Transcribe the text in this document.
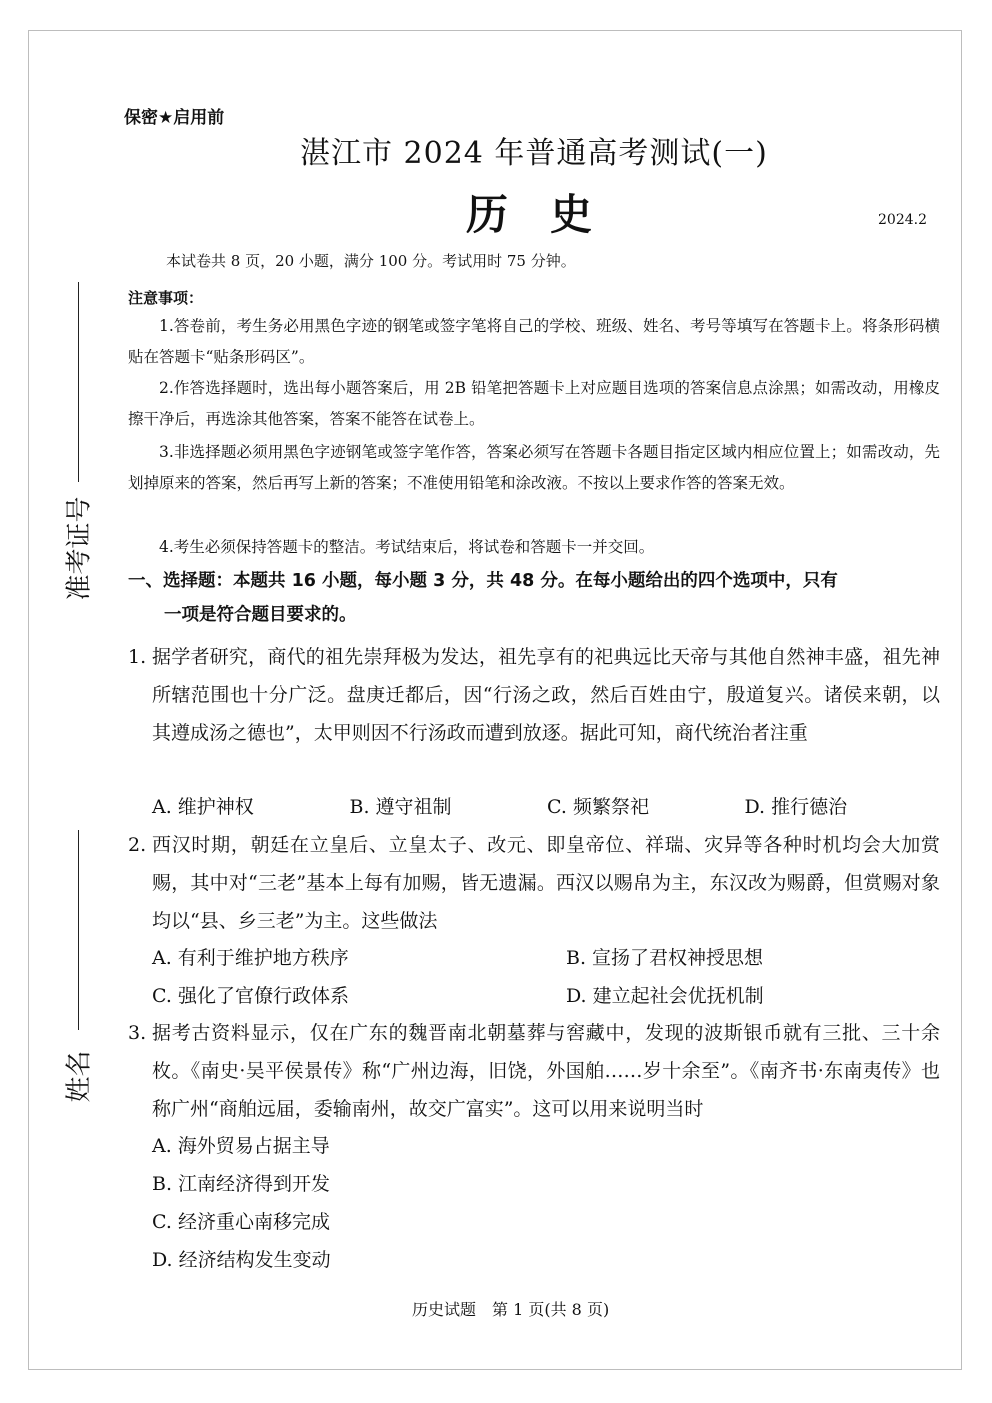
准考证号
姓名
保密★启用前
湛江市 2024 年普通高考测试(一)
历史	2024.2
本试卷共 8 页，20 小题，满分 100 分。考试用时 75 分钟。
注意事项：
1.答卷前，考生务必用黑色字迹的钢笔或签字笔将自己的学校、班级、姓名、考号等填写在答题卡上。将条形码横贴在答题卡“贴条形码区”。
2.作答选择题时，选出每小题答案后，用 2B 铅笔把答题卡上对应题目选项的答案信息点涂黑；如需改动，用橡皮擦干净后，再选涂其他答案，答案不能答在试卷上。
3.非选择题必须用黑色字迹钢笔或签字笔作答，答案必须写在答题卡各题目指定区域内相应位置上；如需改动，先划掉原来的答案，然后再写上新的答案；不准使用铅笔和涂改液。不按以上要求作答的答案无效。
4.考生必须保持答题卡的整洁。考试结束后，将试卷和答题卡一并交回。
一、选择题：本题共 16 小题，每小题 3 分，共 48 分。在每小题给出的四个选项中，只有
一项是符合题目要求的。
1. 据学者研究，商代的祖先崇拜极为发达，祖先享有的祀典远比天帝与其他自然神丰盛，祖先神所辖范围也十分广泛。盘庚迁都后，因“行汤之政，然后百姓由宁，殷道复兴。诸侯来朝，以其遵成汤之德也”，太甲则因不行汤政而遭到放逐。据此可知，商代统治者注重
A. 维护神权	B. 遵守祖制	C. 频繁祭祀	D. 推行德治
2. 西汉时期，朝廷在立皇后、立皇太子、改元、即皇帝位、祥瑞、灾异等各种时机均会大加赏赐，其中对“三老”基本上每有加赐，皆无遗漏。西汉以赐帛为主，东汉改为赐爵，但赏赐对象均以“县、乡三老”为主。这些做法
A. 有利于维护地方秩序	B. 宣扬了君权神授思想
C. 强化了官僚行政体系	D. 建立起社会优抚机制
3. 据考古资料显示，仅在广东的魏晋南北朝墓葬与窖藏中，发现的波斯银币就有三批、三十余枚。《南史·吴平侯景传》称“广州边海，旧饶，外国舶……岁十余至”。《南齐书·东南夷传》也称广州“商舶远届，委输南州，故交广富实”。这可以用来说明当时
A. 海外贸易占据主导
B. 江南经济得到开发
C. 经济重心南移完成
D. 经济结构发生变动
历史试题　第 1 页(共 8 页)
